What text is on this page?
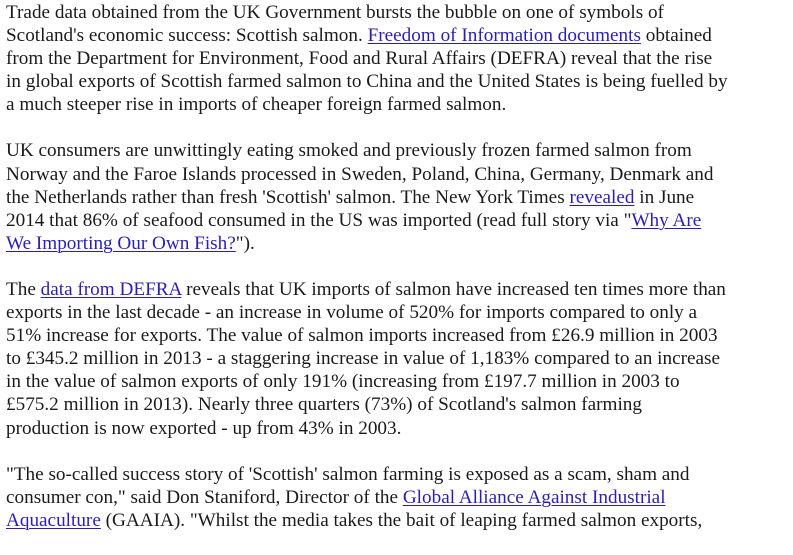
Trade data obtained from the UK Government bursts the bubble on one of symbols of
Scotland's economic success: Scottish salmon. Freedom of Information documents obtained
from the Department for Environment, Food and Rural Affairs (DEFRA) reveal that the rise
in global exports of Scottish farmed salmon to China and the United States is being fuelled by
a much steeper rise in imports of cheaper foreign farmed salmon.

UK consumers are unwittingly eating smoked and previously frozen farmed salmon from
Norway and the Faroe Islands processed in Sweden, Poland, China, Germany, Denmark and
the Netherlands rather than fresh 'Scottish' salmon. The New York Times revealed in June
2014 that 86% of seafood consumed in the US was imported (read full story via "Why Are
We Importing Our Own Fish?").

The data from DEFRA reveals that UK imports of salmon have increased ten times more than
exports in the last decade - an increase in volume of 520% for imports compared to only a
51% increase for exports. The value of salmon imports increased from £26.9 million in 2003
to £345.2 million in 2013 - a staggering increase in value of 1,183% compared to an increase
in the value of salmon exports of only 191% (increasing from £197.7 million in 2003 to
£575.2 million in 2013). Nearly three quarters (73%) of Scotland's salmon farming
production is now exported - up from 43% in 2003.

"The so-called success story of 'Scottish' salmon farming is exposed as a scam, sham and
consumer con," said Don Staniford, Director of the Global Alliance Against Industrial
Aquaculture (GAAIA). "Whilst the media takes the bait of leaping farmed salmon exports,
